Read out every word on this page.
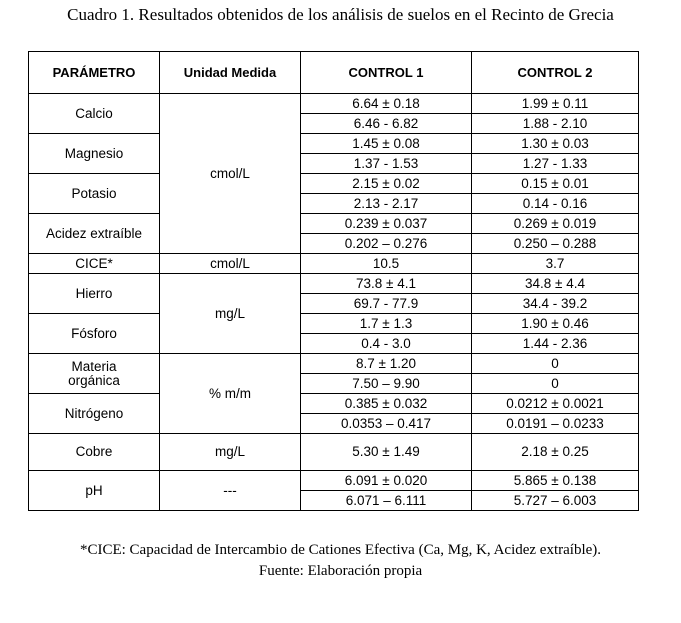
Cuadro 1. Resultados obtenidos de los análisis de suelos en el Recinto de Grecia
PARÁMETRO	Unidad Medida	CONTROL 1	CONTROL 2
Calcio	cmol/L	6.64 ± 0.18	1.99 ± 0.11
		6.46 - 6.82	1.88 - 2.10
Magnesio		1.45 ± 0.08	1.30 ± 0.03
		1.37 - 1.53	1.27 - 1.33
Potasio		2.15 ± 0.02	0.15 ± 0.01
		2.13 - 2.17	0.14 - 0.16
Acidez extraíble		0.239 ± 0.037	0.269 ± 0.019
		0.202 – 0.276	0.250 – 0.288
CICE*	cmol/L	10.5	3.7
Hierro	mg/L	73.8 ± 4.1	34.8 ± 4.4
		69.7 - 77.9	34.4 - 39.2
Fósforo		1.7 ± 1.3	1.90 ± 0.46
		0.4 - 3.0	1.44 - 2.36

Materia orgánica	% m/m	8.7 ± 1.20	0
		7.50 – 9.90	0
Nitrógeno		0.385 ± 0.032	0.0212 ± 0.0021
		0.0353 – 0.417	0.0191 – 0.0233
Cobre	mg/L	5.30 ± 1.49	2.18 ± 0.25
pH	---	6.091 ± 0.020	5.865 ± 0.138
		6.071 – 6.111	5.727 – 6.003
*CICE: Capacidad de Intercambio de Cationes Efectiva (Ca, Mg, K, Acidez extraíble).
Fuente: Elaboración propia
